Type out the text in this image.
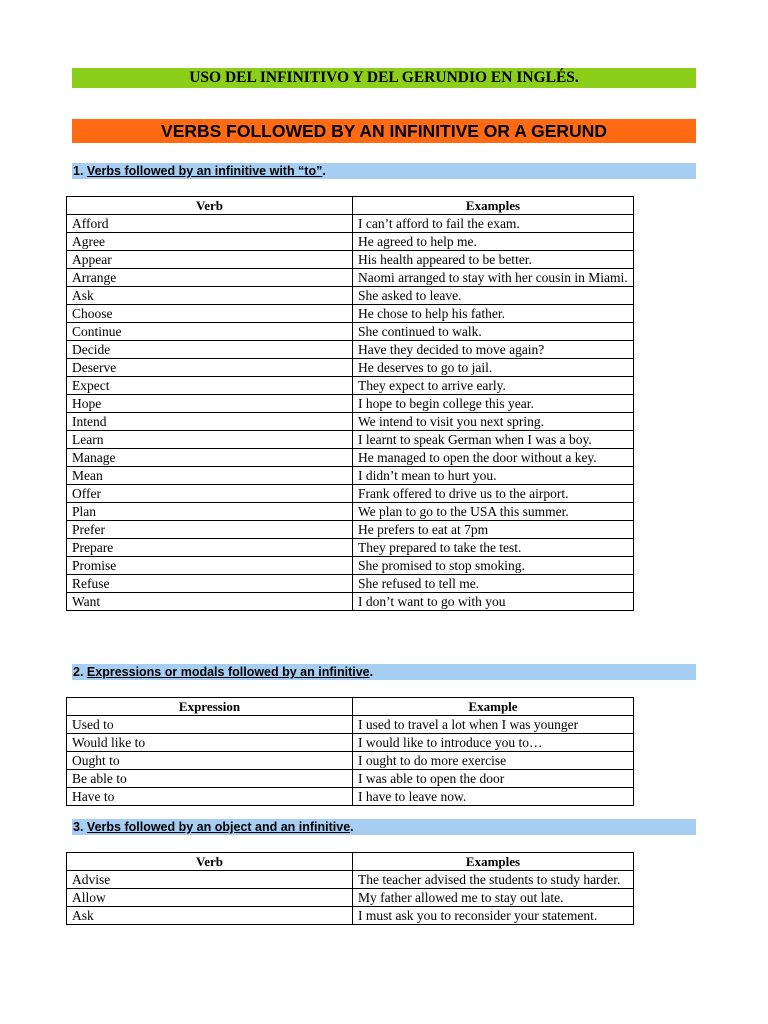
USO DEL INFINITIVO Y DEL GERUNDIO EN INGLÉS.
VERBS FOLLOWED BY AN INFINITIVE OR A GERUND
1. Verbs followed by an infinitive with “to”.
Verb	Examples
Afford	I can’t afford to fail the exam.
Agree	He agreed to help me.
Appear	His health appeared to be better.
Arrange	Naomi arranged to stay with her cousin in Miami.
Ask	She asked to leave.
Choose	He chose to help his father.
Continue	She continued to walk.
Decide	Have they decided to move again?
Deserve	He deserves to go to jail.
Expect	They expect to arrive early.
Hope	I hope to begin college this year.
Intend	We intend to visit you next spring.
Learn	I learnt to speak German when I was a boy.
Manage	He managed to open the door without a key.
Mean	I didn’t mean to hurt you.
Offer	Frank offered to drive us to the airport.
Plan	We plan to go to the USA this summer.
Prefer	He prefers to eat at 7pm
Prepare	They prepared to take the test.
Promise	She promised to stop smoking.
Refuse	She refused to tell me.
Want	I don’t want to go with you
2. Expressions or modals followed by an infinitive.
Expression	Example
Used to	I used to travel a lot when I was younger
Would like to	I would like to introduce you to…
Ought to	I ought to do more exercise
Be able to	I was able to open the door
Have to	I have to leave now.
3. Verbs followed by an object and an infinitive.
Verb	Examples
Advise	The teacher advised the students to study harder.
Allow	My father allowed me to stay out late.
Ask	I must ask you to reconsider your statement.
